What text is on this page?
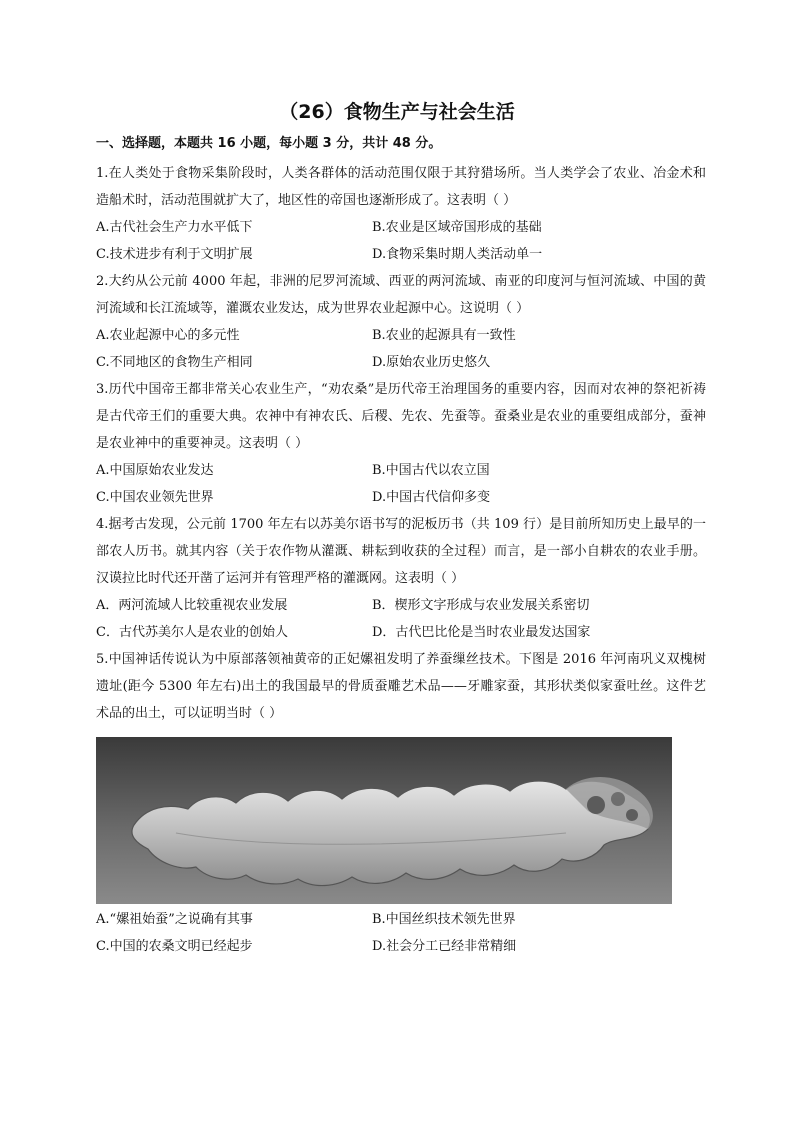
（26）食物生产与社会生活
一、选择题，本题共 16 小题，每小题 3 分，共计 48 分。

1.在人类处于食物采集阶段时，人类各群体的活动范围仅限于其狩猎场所。当人类学会了农业、冶金术和造船术时，活动范围就扩大了，地区性的帝国也逐渐形成了。这表明（ ）

A.古代社会生产力水平低下	B.农业是区域帝国形成的基础
C.技术进步有利于文明扩展	D.食物采集时期人类活动单一

2.大约从公元前 4000 年起，非洲的尼罗河流域、西亚的两河流域、南亚的印度河与恒河流域、中国的黄河流域和长江流域等，灌溉农业发达，成为世界农业起源中心。这说明（ ）

A.农业起源中心的多元性	B.农业的起源具有一致性
C.不同地区的食物生产相同	D.原始农业历史悠久

3.历代中国帝王都非常关心农业生产，“劝农桑”是历代帝王治理国务的重要内容，因而对农神的祭祀祈祷是古代帝王们的重要大典。农神中有神农氏、后稷、先农、先蚕等。蚕桑业是农业的重要组成部分，蚕神是农业神中的重要神灵。这表明（ ）

A.中国原始农业发达	B.中国古代以农立国
C.中国农业领先世界	D.中国古代信仰多变

4.据考古发现，公元前 1700 年左右以苏美尔语书写的泥板历书（共 109 行）是目前所知历史上最早的一部农人历书。就其内容（关于农作物从灌溉、耕耘到收获的全过程）而言，是一部小自耕农的农业手册。汉谟拉比时代还开凿了运河并有管理严格的灌溉网。这表明（ ）

A．两河流域人比较重视农业发展	B．楔形文字形成与农业发展关系密切
C．古代苏美尔人是农业的创始人	D．古代巴比伦是当时农业最发达国家

5.中国神话传说认为中原部落领袖黄帝的正妃嫘祖发明了养蚕缫丝技术。下图是 2016 年河南巩义双槐树遗址(距今 5300 年左右)出土的我国最早的骨质蚕雕艺术品——牙雕家蚕，其形状类似家蚕吐丝。这件艺术品的出土，可以证明当时（ ）

A.“嫘祖始蚕”之说确有其事	B.中国丝织技术领先世界
C.中国的农桑文明已经起步	D.社会分工已经非常精细
